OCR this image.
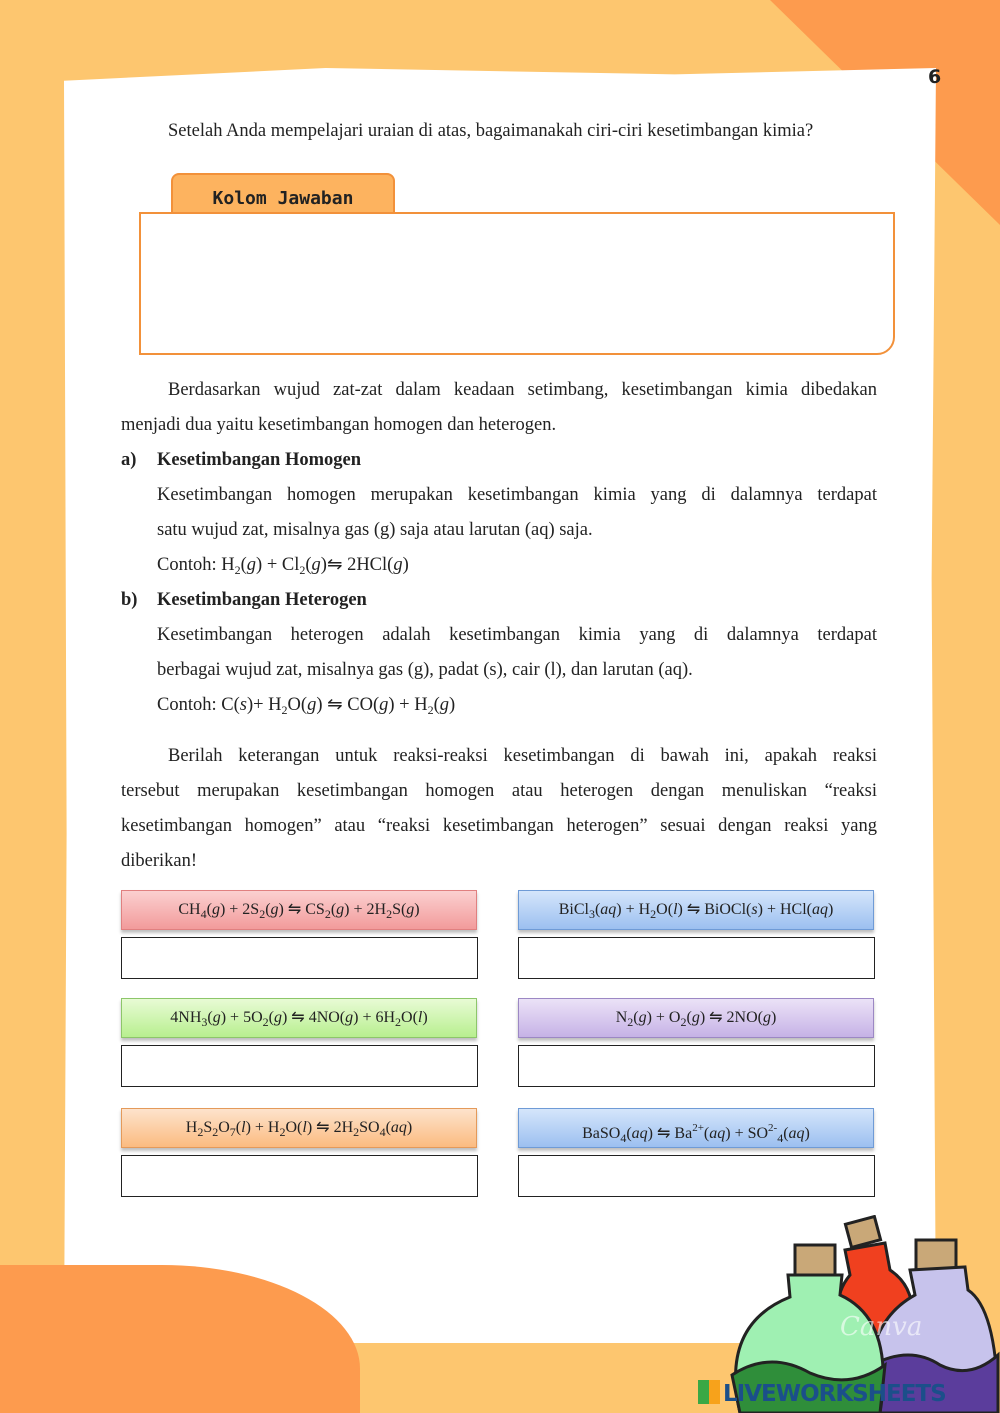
6
Setelah Anda mempelajari uraian di atas, bagaimanakah ciri-ciri kesetimbangan kimia?
Kolom Jawaban
Berdasarkan wujud zat-zat dalam keadaan setimbang, kesetimbangan kimia dibedakan
menjadi dua yaitu kesetimbangan homogen dan heterogen.
a) Kesetimbangan Homogen
Kesetimbangan homogen merupakan kesetimbangan kimia yang di dalamnya terdapat
satu wujud zat, misalnya gas (g) saja atau larutan (aq) saja.
Contoh: $H_2(g)$ + $Cl_2(g)⇋$ 2HCl(g)
b) Kesetimbangan Heterogen
Kesetimbangan heterogen adalah kesetimbangan kimia yang di dalamnya terdapat
berbagai wujud zat, misalnya gas (g), padat (s), cair (l), dan larutan (aq).
Contoh: $C(s)+ H_2O(g)$ ⇋ $CO(g) + H_2(g)$
Berilah keterangan untuk reaksi-reaksi kesetimbangan di bawah ini, apakah reaksi
tersebut merupakan kesetimbangan homogen atau heterogen dengan menuliskan “reaksi
kesetimbangan homogen” atau “reaksi kesetimbangan heterogen” sesuai dengan reaksi yang
diberikan!
$CH_4(g) + 2S_2(g)$ ⇋ $CS_2(g) + 2H_2S(g)$	BiCl$_3$(aq) + $H_2O(l)$ ⇋ BiOCl(s) + HCl(aq)
$4NH_3(g) + 5O_2(g)$ ⇋ $4NO(g) + 6H_2O(l)$	$N_2(g) + O_2(g)$ ⇋ 2NO(g)
$H_2S_2O_7(l) + H_2O(l)$ ⇋ $2H_2SO_4(aq)$	BaSO$_4$(aq) ⇋ $Ba^{2+}(aq) + SO^{2-}_4(aq)$
Canva
LIVEWORKSHEETS
